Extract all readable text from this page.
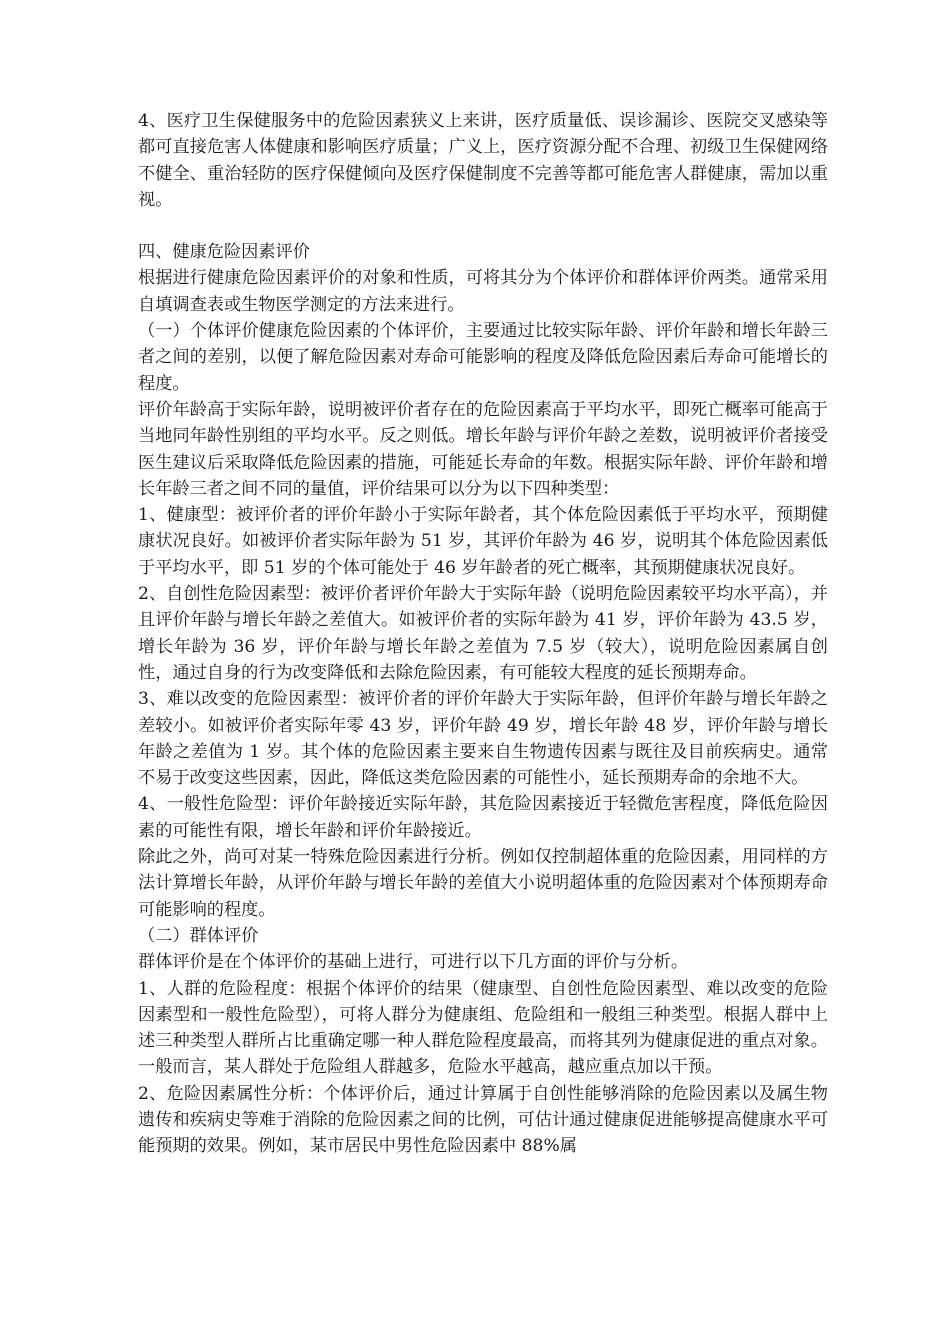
4、医疗卫生保健服务中的危险因素狭义上来讲，医疗质量低、误诊漏诊、医院交叉感染等都可直接危害人体健康和影响医疗质量；广义上，医疗资源分配不合理、初级卫生保健网络不健全、重治轻防的医疗保健倾向及医疗保健制度不完善等都可能危害人群健康，需加以重视。

四、健康危险因素评价

根据进行健康危险因素评价的对象和性质，可将其分为个体评价和群体评价两类。通常采用自填调查表或生物医学测定的方法来进行。

（一）个体评价健康危险因素的个体评价，主要通过比较实际年龄、评价年龄和增长年龄三者之间的差别，以便了解危险因素对寿命可能影响的程度及降低危险因素后寿命可能增长的程度。

评价年龄高于实际年龄，说明被评价者存在的危险因素高于平均水平，即死亡概率可能高于当地同年龄性别组的平均水平。反之则低。增长年龄与评价年龄之差数，说明被评价者接受医生建议后采取降低危险因素的措施，可能延长寿命的年数。根据实际年龄、评价年龄和增长年龄三者之间不同的量值，评价结果可以分为以下四种类型：

1、健康型：被评价者的评价年龄小于实际年龄者，其个体危险因素低于平均水平，预期健康状况良好。如被评价者实际年龄为 51 岁，其评价年龄为 46 岁，说明其个体危险因素低于平均水平，即 51 岁的个体可能处于 46 岁年龄者的死亡概率，其预期健康状况良好。

2、自创性危险因素型：被评价者评价年龄大于实际年龄（说明危险因素较平均水平高），并且评价年龄与增长年龄之差值大。如被评价者的实际年龄为 41 岁，评价年龄为 43.5 岁，增长年龄为 36 岁，评价年龄与增长年龄之差值为 7.5 岁（较大），说明危险因素属自创性，通过自身的行为改变降低和去除危险因素，有可能较大程度的延长预期寿命。

3、难以改变的危险因素型：被评价者的评价年龄大于实际年龄，但评价年龄与增长年龄之差较小。如被评价者实际年零 43 岁，评价年龄 49 岁，增长年龄 48 岁，评价年龄与增长年龄之差值为 1 岁。其个体的危险因素主要来自生物遗传因素与既往及目前疾病史。通常不易于改变这些因素，因此，降低这类危险因素的可能性小，延长预期寿命的余地不大。

4、一般性危险型：评价年龄接近实际年龄，其危险因素接近于轻微危害程度，降低危险因素的可能性有限，增长年龄和评价年龄接近。

除此之外，尚可对某一特殊危险因素进行分析。例如仅控制超体重的危险因素，用同样的方法计算增长年龄，从评价年龄与增长年龄的差值大小说明超体重的危险因素对个体预期寿命可能影响的程度。

（二）群体评价

群体评价是在个体评价的基础上进行，可进行以下几方面的评价与分析。

1、人群的危险程度：根据个体评价的结果（健康型、自创性危险因素型、难以改变的危险因素型和一般性危险型），可将人群分为健康组、危险组和一般组三种类型。根据人群中上述三种类型人群所占比重确定哪一种人群危险程度最高，而将其列为健康促进的重点对象。一般而言，某人群处于危险组人群越多，危险水平越高，越应重点加以干预。

2、危险因素属性分析：个体评价后，通过计算属于自创性能够消除的危险因素以及属生物遗传和疾病史等难于消除的危险因素之间的比例，可估计通过健康促进能够提高健康水平可能预期的效果。例如，某市居民中男性危险因素中 88%属
